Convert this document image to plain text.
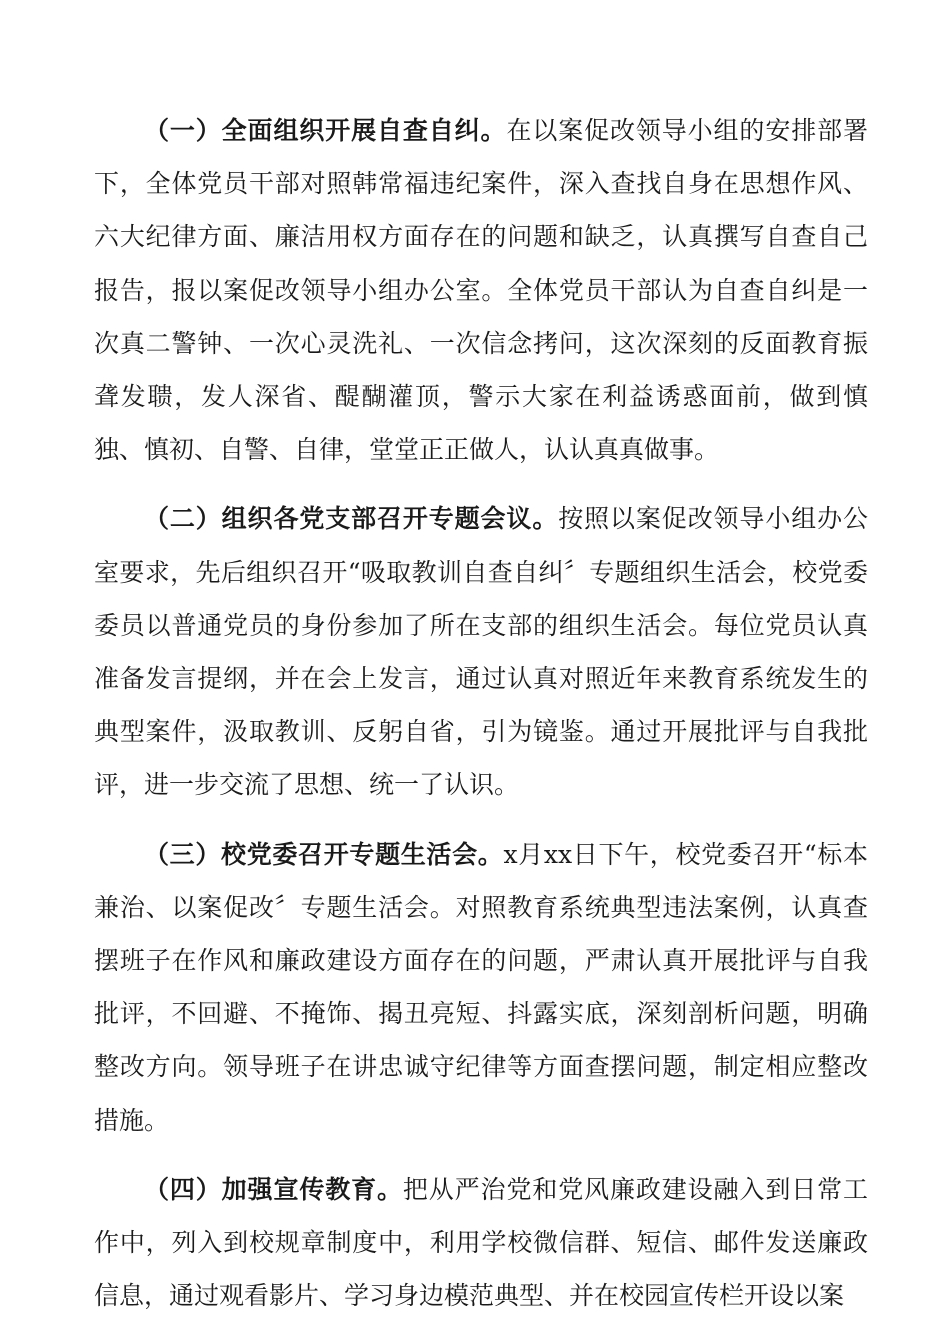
（一）全面组织开展自查自纠。在以案促改领导小组的安排部署下，全体党员干部对照韩常福违纪案件，深入查找自身在思想作风、六大纪律方面、廉洁用权方面存在的问题和缺乏，认真撰写自查自己报告，报以案促改领导小组办公室。全体党员干部认为自查自纠是一次真二警钟、一次心灵洗礼、一次信念拷问，这次深刻的反面教育振聋发聩，发人深省、醍醐灌顶，警示大家在利益诱惑面前，做到慎独、慎初、自警、自律，堂堂正正做人，认认真真做事。

（二）组织各党支部召开专题会议。按照以案促改领导小组办公室要求，先后组织召开“吸取教训自查自纠〞专题组织生活会，校党委委员以普通党员的身份参加了所在支部的组织生活会。每位党员认真准备发言提纲，并在会上发言，通过认真对照近年来教育系统发生的典型案件，汲取教训、反躬自省，引为镜鉴。通过开展批评与自我批评，进一步交流了思想、统一了认识。

（三）校党委召开专题生活会。x月xx日下午，校党委召开“标本兼治、以案促改〞专题生活会。对照教育系统典型违法案例，认真查摆班子在作风和廉政建设方面存在的问题，严肃认真开展批评与自我批评，不回避、不掩饰、揭丑亮短、抖露实底，深刻剖析问题，明确整改方向。领导班子在讲忠诚守纪律等方面查摆问题，制定相应整改措施。

（四）加强宣传教育。把从严治党和党风廉政建设融入到日常工作中，列入到校规章制度中，利用学校微信群、短信、邮件发送廉政信息，通过观看影片、学习身边模范典型、并在校园宣传栏开设以案
